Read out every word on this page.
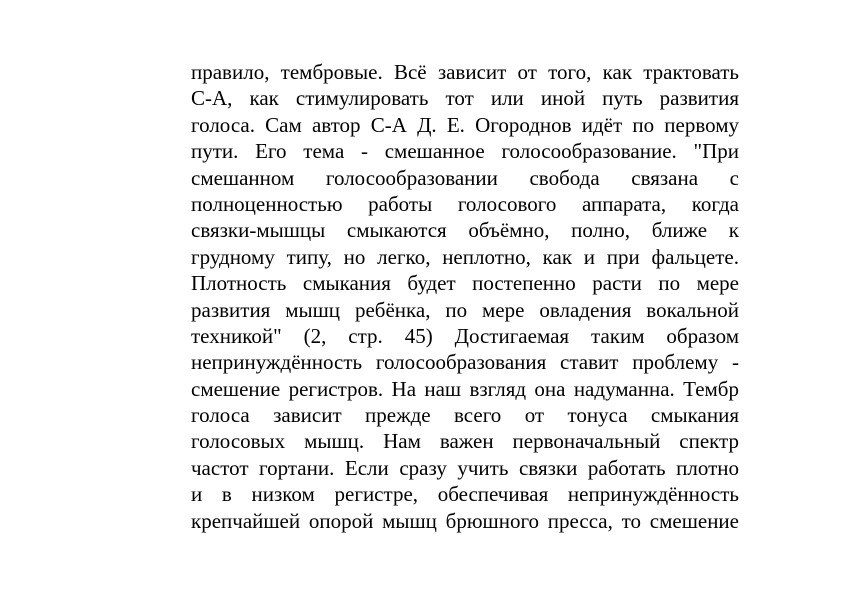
правило, тембровые. Всё зависит от того, как трактовать
С-А, как стимулировать тот или иной путь развития
голоса. Сам автор С-А Д. Е. Огороднов идёт по первому
пути. Его тема - смешанное голосообразование. "При
смешанном голосообразовании свобода связана с
полноценностью работы голосового аппарата, когда
связки-мышцы смыкаются объёмно, полно, ближе к
грудному типу, но легко, неплотно, как и при фальцете.
Плотность смыкания будет постепенно расти по мере
развития мышц ребёнка, по мере овладения вокальной
техникой" (2, стр. 45) Достигаемая таким образом
непринуждённость голосообразования ставит проблему -
смешение регистров. На наш взгляд она надуманна. Тембр
голоса зависит прежде всего от тонуса смыкания
голосовых мышц. Нам важен первоначальный спектр
частот гортани. Если сразу учить связки работать плотно
и в низком регистре, обеспечивая непринуждённость
крепчайшей опорой мышц брюшного пресса, то смешение
